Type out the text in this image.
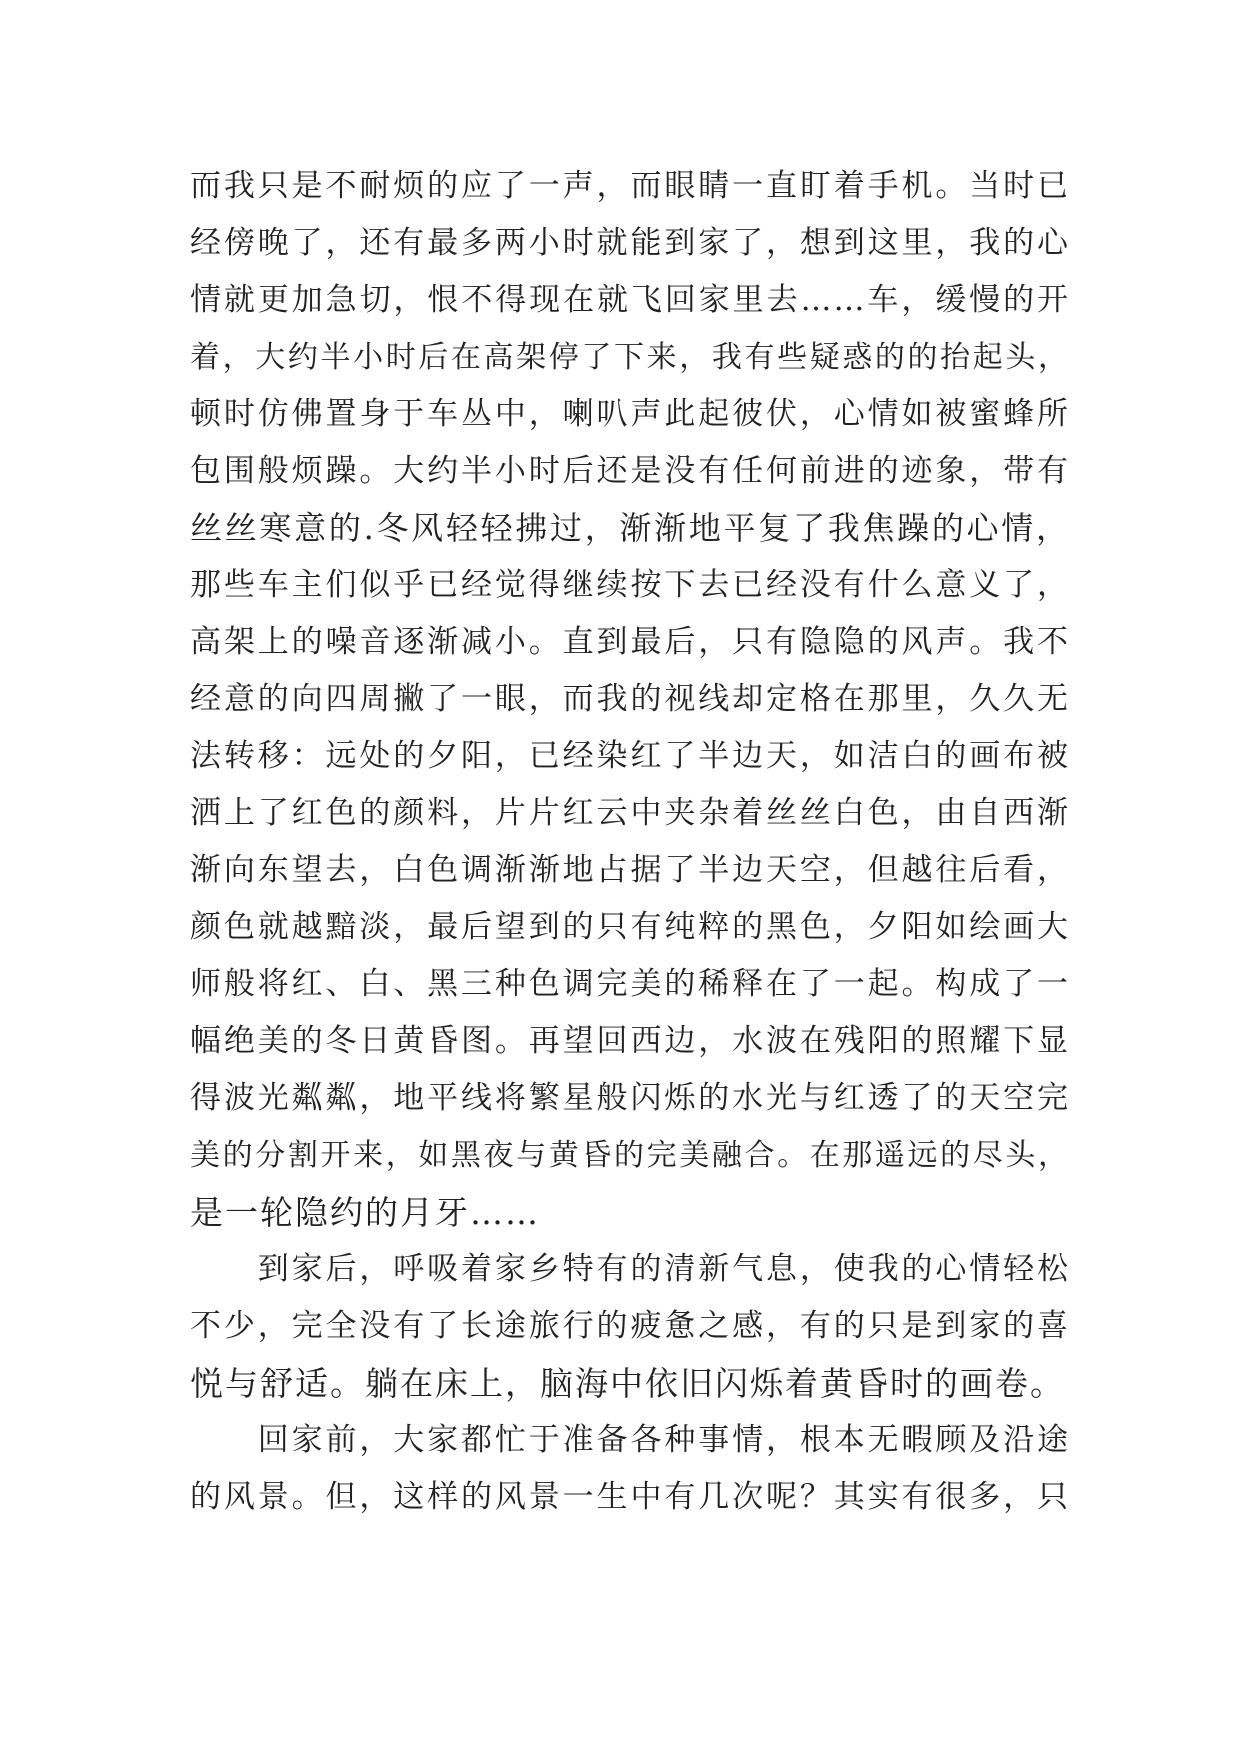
而我只是不耐烦的应了一声，而眼睛一直盯着手机。当时已
经傍晚了，还有最多两小时就能到家了，想到这里，我的心
情就更加急切，恨不得现在就飞回家里去……车，缓慢的开
着，大约半小时后在高架停了下来，我有些疑惑的的抬起头，
顿时仿佛置身于车丛中，喇叭声此起彼伏，心情如被蜜蜂所
包围般烦躁。大约半小时后还是没有任何前进的迹象，带有
丝丝寒意的.冬风轻轻拂过，渐渐地平复了我焦躁的心情，
那些车主们似乎已经觉得继续按下去已经没有什么意义了，
高架上的噪音逐渐减小。直到最后，只有隐隐的风声。我不
经意的向四周撇了一眼，而我的视线却定格在那里，久久无
法转移：远处的夕阳，已经染红了半边天，如洁白的画布被
洒上了红色的颜料，片片红云中夹杂着丝丝白色，由自西渐
渐向东望去，白色调渐渐地占据了半边天空，但越往后看，
颜色就越黯淡，最后望到的只有纯粹的黑色，夕阳如绘画大
师般将红、白、黑三种色调完美的稀释在了一起。构成了一
幅绝美的冬日黄昏图。再望回西边，水波在残阳的照耀下显
得波光粼粼，地平线将繁星般闪烁的水光与红透了的天空完
美的分割开来，如黑夜与黄昏的完美融合。在那遥远的尽头，
是一轮隐约的月牙……
　　到家后，呼吸着家乡特有的清新气息，使我的心情轻松
不少，完全没有了长途旅行的疲惫之感，有的只是到家的喜
悦与舒适。躺在床上，脑海中依旧闪烁着黄昏时的画卷。
　　回家前，大家都忙于准备各种事情，根本无暇顾及沿途
的风景。但，这样的风景一生中有几次呢？其实有很多，只
